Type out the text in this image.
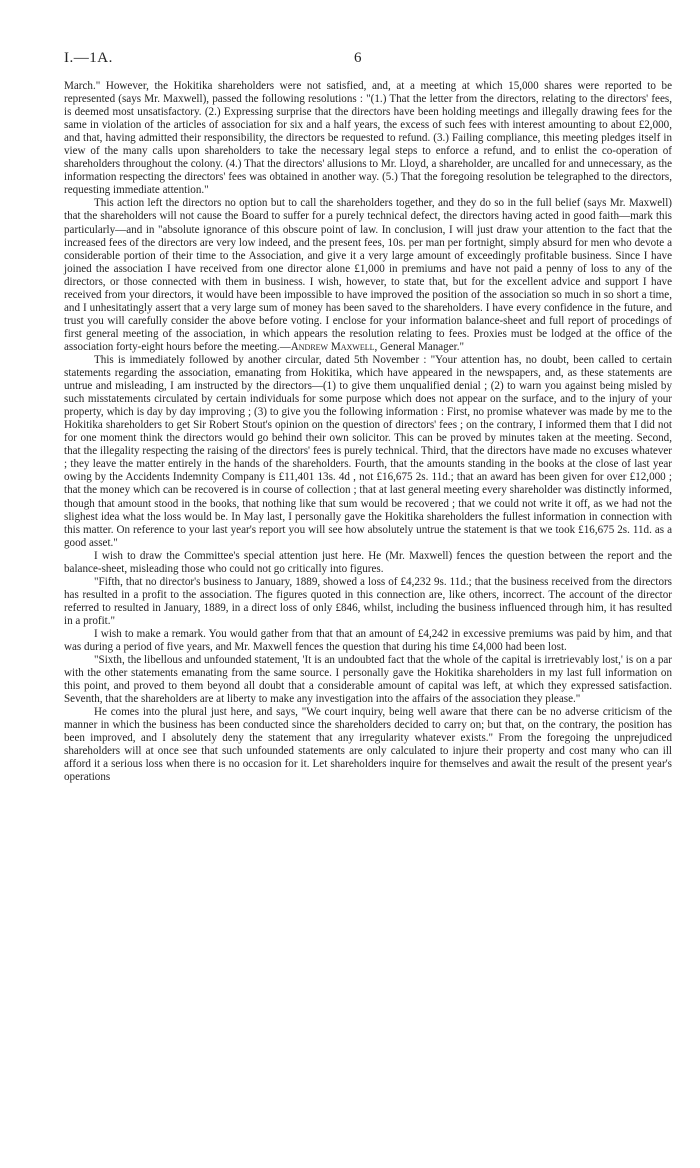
I.—1A.	6

March." However, the Hokitika shareholders were not satisfied, and, at a meeting at which 15,000 shares were reported to be represented (says Mr. Maxwell), passed the following resolutions : "(1.) That the letter from the directors, relating to the directors' fees, is deemed most unsatisfactory. (2.) Expressing surprise that the directors have been holding meetings and illegally drawing fees for the same in violation of the articles of association for six and a half years, the excess of such fees with interest amounting to about £2,000, and that, having admitted their responsibility, the directors be requested to refund. (3.) Failing compliance, this meeting pledges itself in view of the many calls upon shareholders to take the necessary legal steps to enforce a refund, and to enlist the co-operation of shareholders throughout the colony. (4.) That the directors' allusions to Mr. Lloyd, a shareholder, are uncalled for and unnecessary, as the information respecting the directors' fees was obtained in another way. (5.) That the foregoing resolution be telegraphed to the directors, requesting immediate attention."

This action left the directors no option but to call the shareholders together, and they do so in the full belief (says Mr. Maxwell) that the shareholders will not cause the Board to suffer for a purely technical defect, the directors having acted in good faith—mark this particularly—and in "absolute ignorance of this obscure point of law. In conclusion, I will just draw your attention to the fact that the increased fees of the directors are very low indeed, and the present fees, 10s. per man per fortnight, simply absurd for men who devote a considerable portion of their time to the Association, and give it a very large amount of exceedingly profitable business. Since I have joined the association I have received from one director alone £1,000 in premiums and have not paid a penny of loss to any of the directors, or those connected with them in business. I wish, however, to state that, but for the excellent advice and support I have received from your directors, it would have been impossible to have improved the position of the association so much in so short a time, and I unhesitatingly assert that a very large sum of money has been saved to the shareholders. I have every confidence in the future, and trust you will carefully consider the above before voting. I enclose for your information balance-sheet and full report of procedings of first general meeting of the association, in which appears the resolution relating to fees. Proxies must be lodged at the office of the association forty-eight hours before the meeting.—Andrew Maxwell, General Manager."

This is immediately followed by another circular, dated 5th November : "Your attention has, no doubt, been called to certain statements regarding the association, emanating from Hokitika, which have appeared in the newspapers, and, as these statements are untrue and misleading, I am instructed by the directors—(1) to give them unqualified denial ; (2) to warn you against being misled by such misstatements circulated by certain individuals for some purpose which does not appear on the surface, and to the injury of your property, which is day by day improving ; (3) to give you the following information : First, no promise whatever was made by me to the Hokitika shareholders to get Sir Robert Stout's opinion on the question of directors' fees ; on the contrary, I informed them that I did not for one moment think the directors would go behind their own solicitor. This can be proved by minutes taken at the meeting. Second, that the illegality respecting the raising of the directors' fees is purely technical. Third, that the directors have made no excuses whatever ; they leave the matter entirely in the hands of the shareholders. Fourth, that the amounts standing in the books at the close of last year owing by the Accidents Indemnity Company is £11,401 13s. 4d , not £16,675 2s. 11d.; that an award has been given for over £12,000 ; that the money which can be recovered is in course of collection ; that at last general meeting every shareholder was distinctly informed, though that amount stood in the books, that nothing like that sum would be recovered ; that we could not write it off, as we had not the slighest idea what the loss would be. In May last, I personally gave the Hokitika shareholders the fullest information in connection with this matter. On reference to your last year's report you will see how absolutely untrue the statement is that we took £16,675 2s. 11d. as a good asset."

I wish to draw the Committee's special attention just here. He (Mr. Maxwell) fences the question between the report and the balance-sheet, misleading those who could not go critically into figures.

"Fifth, that no director's business to January, 1889, showed a loss of £4,232 9s. 11d.; that the business received from the directors has resulted in a profit to the association. The figures quoted in this connection are, like others, incorrect. The account of the director referred to resulted in January, 1889, in a direct loss of only £846, whilst, including the business influenced through him, it has resulted in a profit."

I wish to make a remark. You would gather from that that an amount of £4,242 in excessive premiums was paid by him, and that was during a period of five years, and Mr. Maxwell fences the question that during his time £4,000 had been lost.

"Sixth, the libellous and unfounded statement, 'It is an undoubted fact that the whole of the capital is irretrievably lost,' is on a par with the other statements emanating from the same source. I personally gave the Hokitika shareholders in my last full information on this point, and proved to them beyond all doubt that a considerable amount of capital was left, at which they expressed satisfaction. Seventh, that the shareholders are at liberty to make any investigation into the affairs of the association they please."

He comes into the plural just here, and says, "We court inquiry, being well aware that there can be no adverse criticism of the manner in which the business has been conducted since the shareholders decided to carry on; but that, on the contrary, the position has been improved, and I absolutely deny the statement that any irregularity whatever exists." From the foregoing the unprejudiced shareholders will at once see that such unfounded statements are only calculated to injure their property and cost many who can ill afford it a serious loss when there is no occasion for it. Let shareholders inquire for themselves and await the result of the present year's operations
